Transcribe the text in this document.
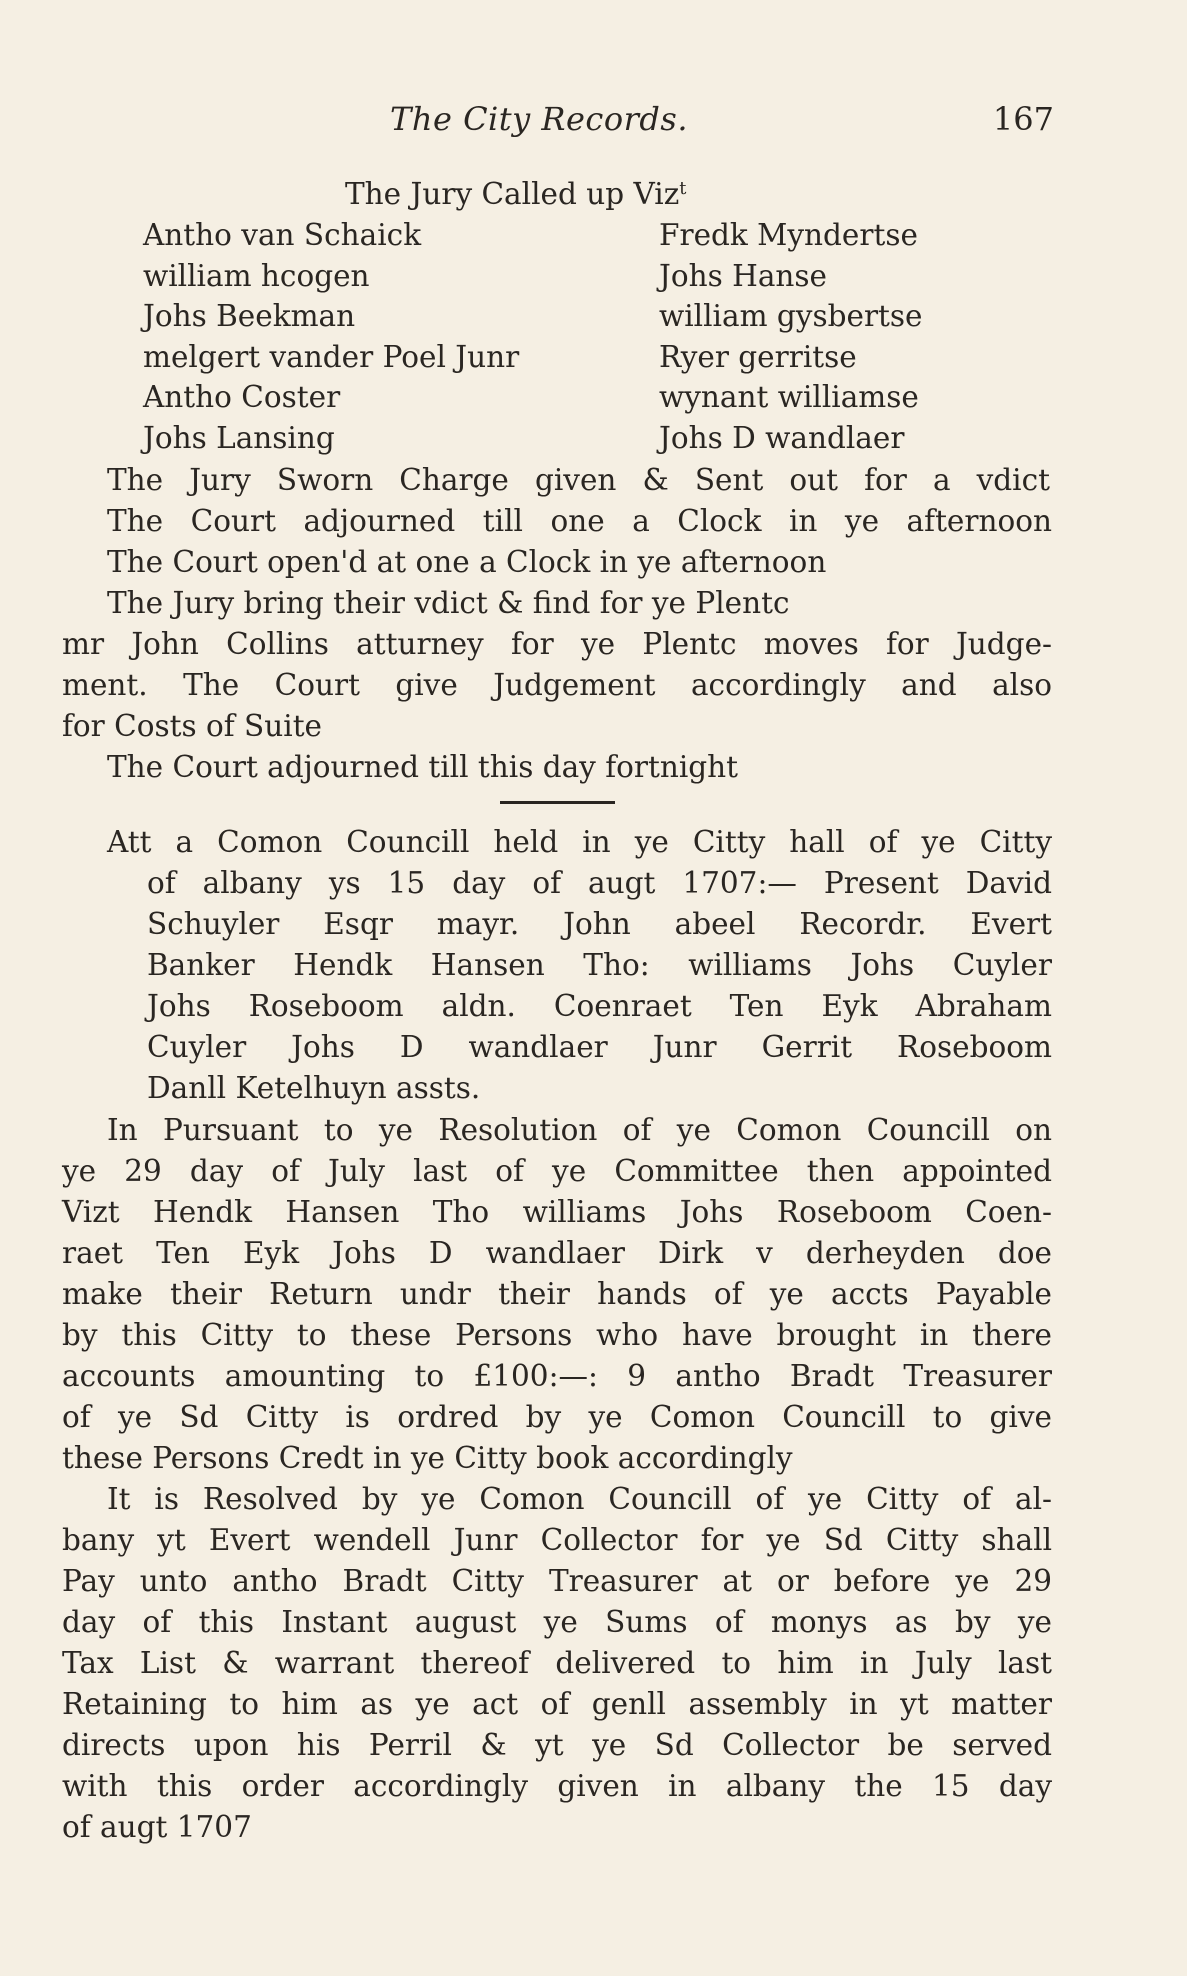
The City Records.	167
The Jury Called up Viz$^t$
Antho van Schaick
william hcogen
Johs Beekman
melgert vander Poel Junr
Antho Coster
Johs Lansing
Fredk Myndertse
Johs Hanse
william gysbertse
Ryer gerritse
wynant williamse
Johs D wandlaer
The Jury Sworn Charge given & Sent out for a vdict
The Court adjourned till one a Clock in ye afternoon
The Court open'd at one a Clock in ye afternoon
The Jury bring their vdict & find for ye Plentc
mr John Collins atturney for ye Plentc moves for Judge-
ment. The Court give Judgement accordingly and also
for Costs of Suite
The Court adjourned till this day fortnight
Att a Comon Councill held in ye Citty hall of ye Citty
of albany ys 15 day of augt 1707:— Present David
Schuyler Esqr mayr. John abeel Recordr. Evert
Banker Hendk Hansen Tho: williams Johs Cuyler
Johs Roseboom aldn. Coenraet Ten Eyk Abraham
Cuyler Johs D wandlaer Junr Gerrit Roseboom
Danll Ketelhuyn assts.
In Pursuant to ye Resolution of ye Comon Councill on
ye 29 day of July last of ye Committee then appointed
Vizt Hendk Hansen Tho williams Johs Roseboom Coen-
raet Ten Eyk Johs D wandlaer Dirk v derheyden doe
make their Return undr their hands of ye accts Payable
by this Citty to these Persons who have brought in there
accounts amounting to £100:—: 9 antho Bradt Treasurer
of ye Sd Citty is ordred by ye Comon Councill to give
these Persons Credt in ye Citty book accordingly
It is Resolved by ye Comon Councill of ye Citty of al-
bany yt Evert wendell Junr Collector for ye Sd Citty shall
Pay unto antho Bradt Citty Treasurer at or before ye 29
day of this Instant august ye Sums of monys as by ye
Tax List & warrant thereof delivered to him in July last
Retaining to him as ye act of genll assembly in yt matter
directs upon his Perril & yt ye Sd Collector be served
with this order accordingly given in albany the 15 day
of augt 1707
